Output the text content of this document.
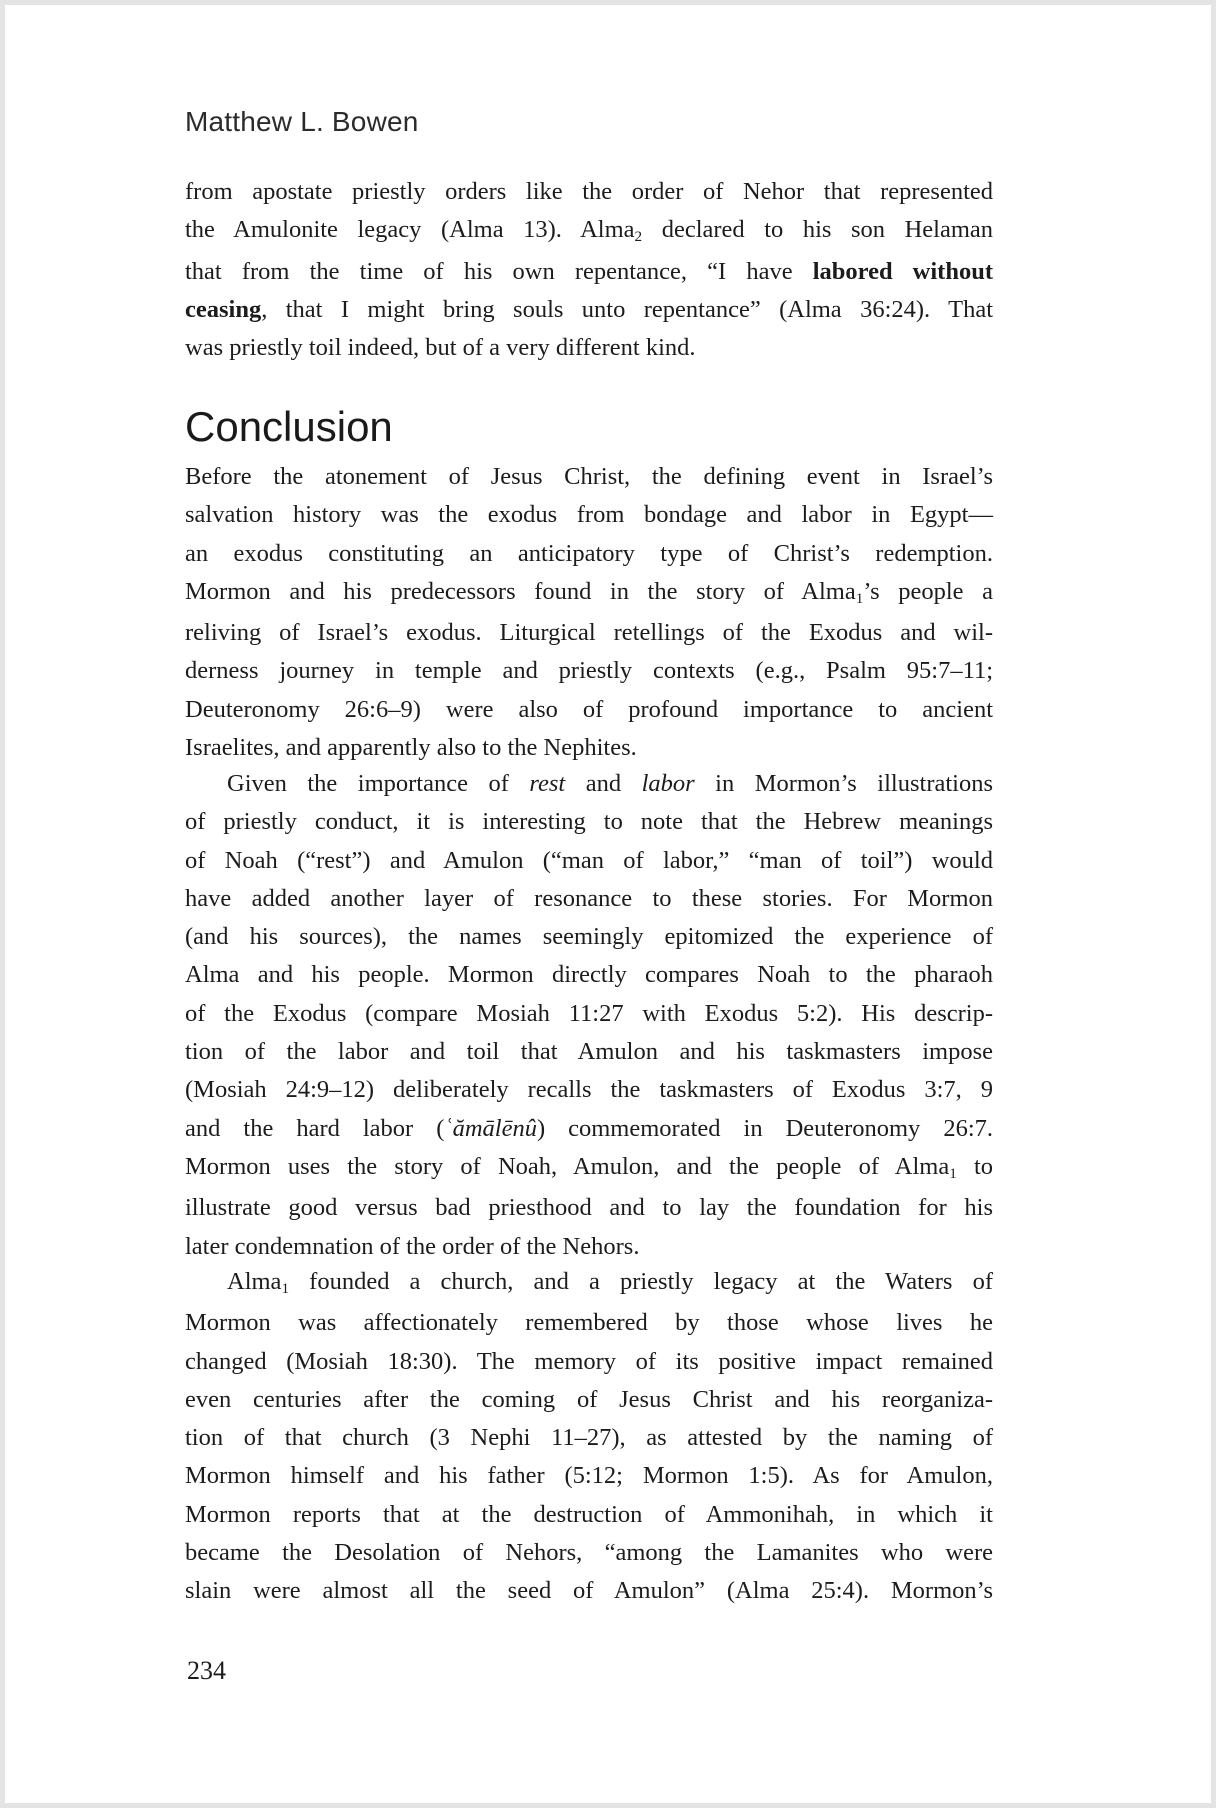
Matthew L. Bowen
from apostate priestly orders like the order of Nehor that represented
the Amulonite legacy (Alma 13). Alma2 declared to his son Helaman
that from the time of his own repentance, “I have labored without
ceasing, that I might bring souls unto repentance” (Alma 36:24). That
was priestly toil indeed, but of a very different kind.
Conclusion
Before the atonement of Jesus Christ, the defining event in Israel’s
salvation history was the exodus from bondage and labor in Egypt—
an exodus constituting an anticipatory type of Christ’s redemption.
Mormon and his predecessors found in the story of Alma1’s people a
reliving of Israel’s exodus. Liturgical retellings of the Exodus and wil-
derness journey in temple and priestly contexts (e.g., Psalm 95:7–11;
Deuteronomy 26:6–9) were also of profound importance to ancient
Israelites, and apparently also to the Nephites.
Given the importance of rest and labor in Mormon’s illustrations
of priestly conduct, it is interesting to note that the Hebrew meanings
of Noah (“rest”) and Amulon (“man of labor,” “man of toil”) would
have added another layer of resonance to these stories. For Mormon
(and his sources), the names seemingly epitomized the experience of
Alma and his people. Mormon directly compares Noah to the pharaoh
of the Exodus (compare Mosiah 11:27 with Exodus 5:2). His descrip-
tion of the labor and toil that Amulon and his taskmasters impose
(Mosiah 24:9–12) deliberately recalls the taskmasters of Exodus 3:7, 9
and the hard labor (ʿămālēnû) commemorated in Deuteronomy 26:7.
Mormon uses the story of Noah, Amulon, and the people of Alma1 to
illustrate good versus bad priesthood and to lay the foundation for his
later condemnation of the order of the Nehors.
Alma1 founded a church, and a priestly legacy at the Waters of
Mormon was affectionately remembered by those whose lives he
changed (Mosiah 18:30). The memory of its positive impact remained
even centuries after the coming of Jesus Christ and his reorganiza-
tion of that church (3 Nephi 11–27), as attested by the naming of
Mormon himself and his father (5:12; Mormon 1:5). As for Amulon,
Mormon reports that at the destruction of Ammonihah, in which it
became the Desolation of Nehors, “among the Lamanites who were
slain were almost all the seed of Amulon” (Alma 25:4). Mormon’s
234
